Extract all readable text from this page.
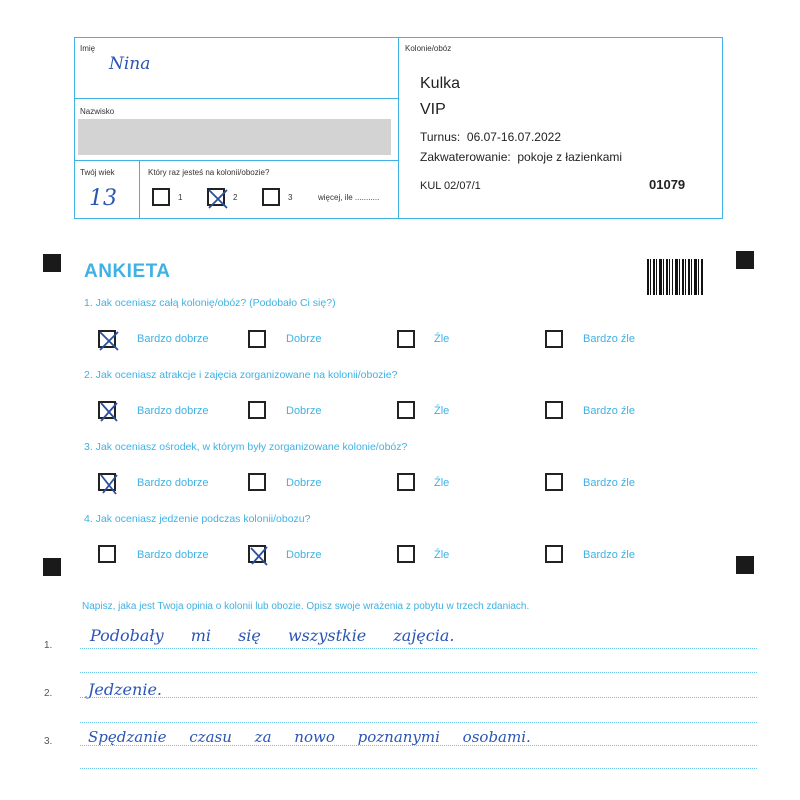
Imię
Nina
Nazwisko
Twój wiek
13
Który raz jesteś na kolonii/obozie?
1	2	3	więcej, ile ...........
Kolonie/obóz
Kulka
VIP
Turnus:  06.07-16.07.2022
Zakwaterowanie:  pokoje z łazienkami
KUL 02/07/1	01079
ANKIETA
1. Jak oceniasz całą kolonię/obóz? (Podobało Ci się?)
Bardzo dobrze	Dobrze	Źle	Bardzo źle
2. Jak oceniasz atrakcje i zajęcia zorganizowane na kolonii/obozie?
Bardzo dobrze	Dobrze	Źle	Bardzo źle
3. Jak oceniasz ośrodek, w którym były zorganizowane kolonie/obóz?
Bardzo dobrze	Dobrze	Źle	Bardzo źle
4. Jak oceniasz jedzenie podczas kolonii/obozu?
Bardzo dobrze	Dobrze	Źle	Bardzo źle
Napisz, jaka jest Twoja opinia o kolonii lub obozie. Opisz swoje wrażenia z pobytu w trzech zdaniach.
1.
Podobały mi się wszystkie zajęcia.
2. Jedzenie.
3. Spędzanie czasu za nowo poznanymi osobami.
